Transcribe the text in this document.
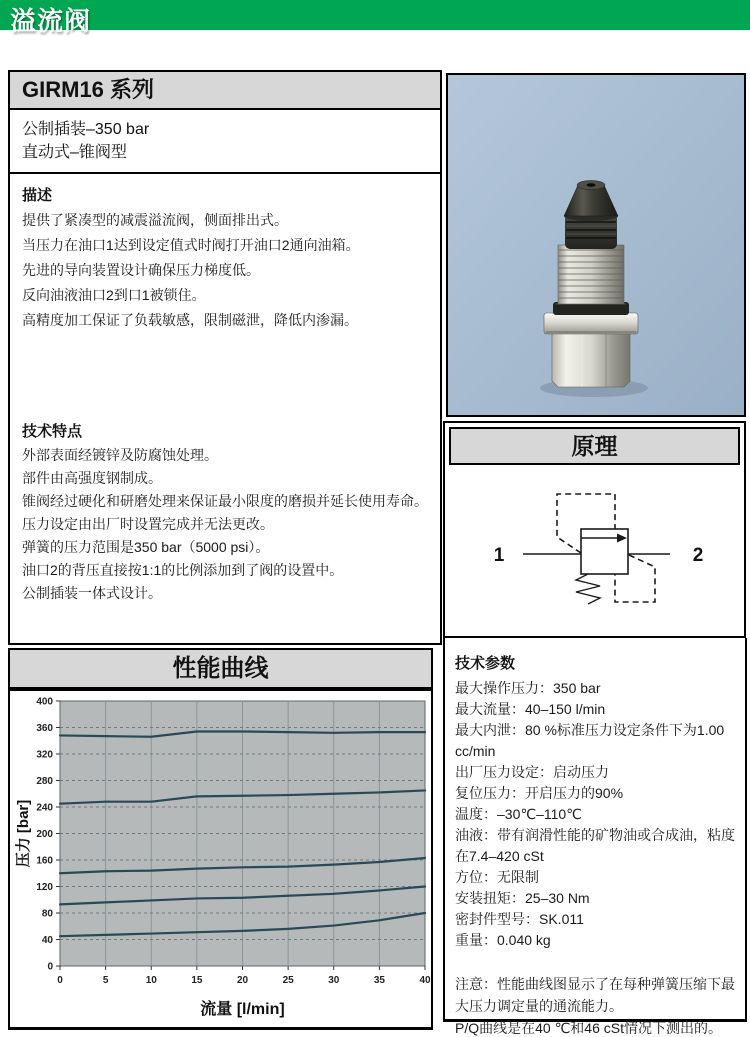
溢流阀
GIRM16 系列
公制插装–350 bar
直动式–锥阀型
描述
提供了紧凑型的减震溢流阀，侧面排出式。
当压力在油口1达到设定值式时阀打开油口2通向油箱。
先进的导向装置设计确保压力梯度低。
反向油液油口2到口1被锁住。
高精度加工保证了负载敏感，限制磁泄，降低内渗漏。
技术特点
外部表面经镀锌及防腐蚀处理。
部件由高强度钢制成。
锥阀经过硬化和研磨处理来保证最小限度的磨损并延长使用寿命。
压力设定由出厂时设置完成并无法更改。
弹簧的压力范围是350 bar（5000 psi）。
油口2的背压直接按1:1的比例添加到了阀的设置中。
公制插装一体式设计。
原理
1	2
性能曲线
0
40
80
120
160
200
240
280
320
360
400
0	5	10	15	20	25	30	35	40
流量 [l/min]
压力 [bar]
技术参数
最大操作压力：350 bar
最大流量：40–150 l/min
最大内泄：80 %标准压力设定条件下为1.00 cc/min
出厂压力设定：启动压力
复位压力：开启压力的90%
温度：–30℃–110℃
油液：带有润滑性能的矿物油或合成油，粘度在7.4–420 cSt
方位：无限制
安装扭矩：25–30 Nm
密封件型号：SK.011
重量：0.040 kg
注意：性能曲线图显示了在每种弹簧压缩下最大压力调定量的通流能力。
P/Q曲线是在40 ℃和46 cSt情况下测出的。
